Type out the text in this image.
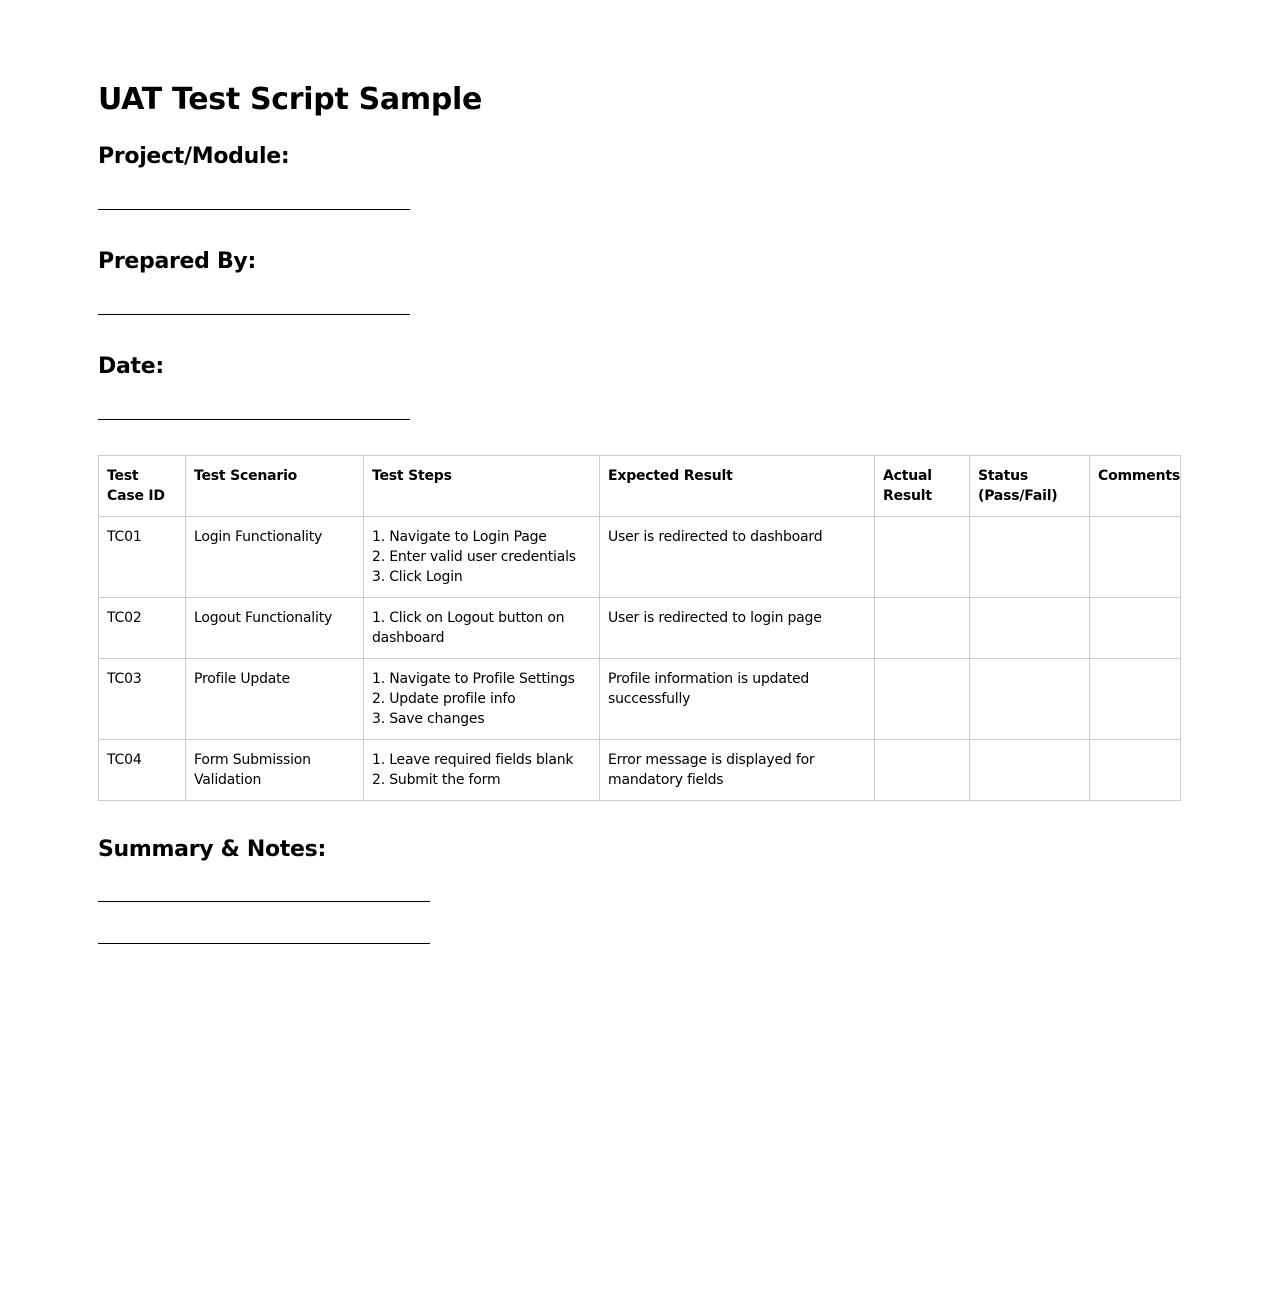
UAT Test Script Sample
Project/Module:
Prepared By:
Date:
Test Case ID	Test Scenario	Test Steps	Expected Result	Actual Result	Status (Pass/Fail)	Comments
TC01	Login Functionality	1. Navigate to Login Page
2. Enter valid user credentials
3. Click Login	User is redirected to dashboard			
TC02	Logout Functionality	1. Click on Logout button on dashboard	User is redirected to login page			
TC03	Profile Update	1. Navigate to Profile Settings
2. Update profile info
3. Save changes	Profile information is updated successfully			
TC04	Form Submission Validation	1. Leave required fields blank
2. Submit the form	Error message is displayed for mandatory fields			
Summary & Notes:
